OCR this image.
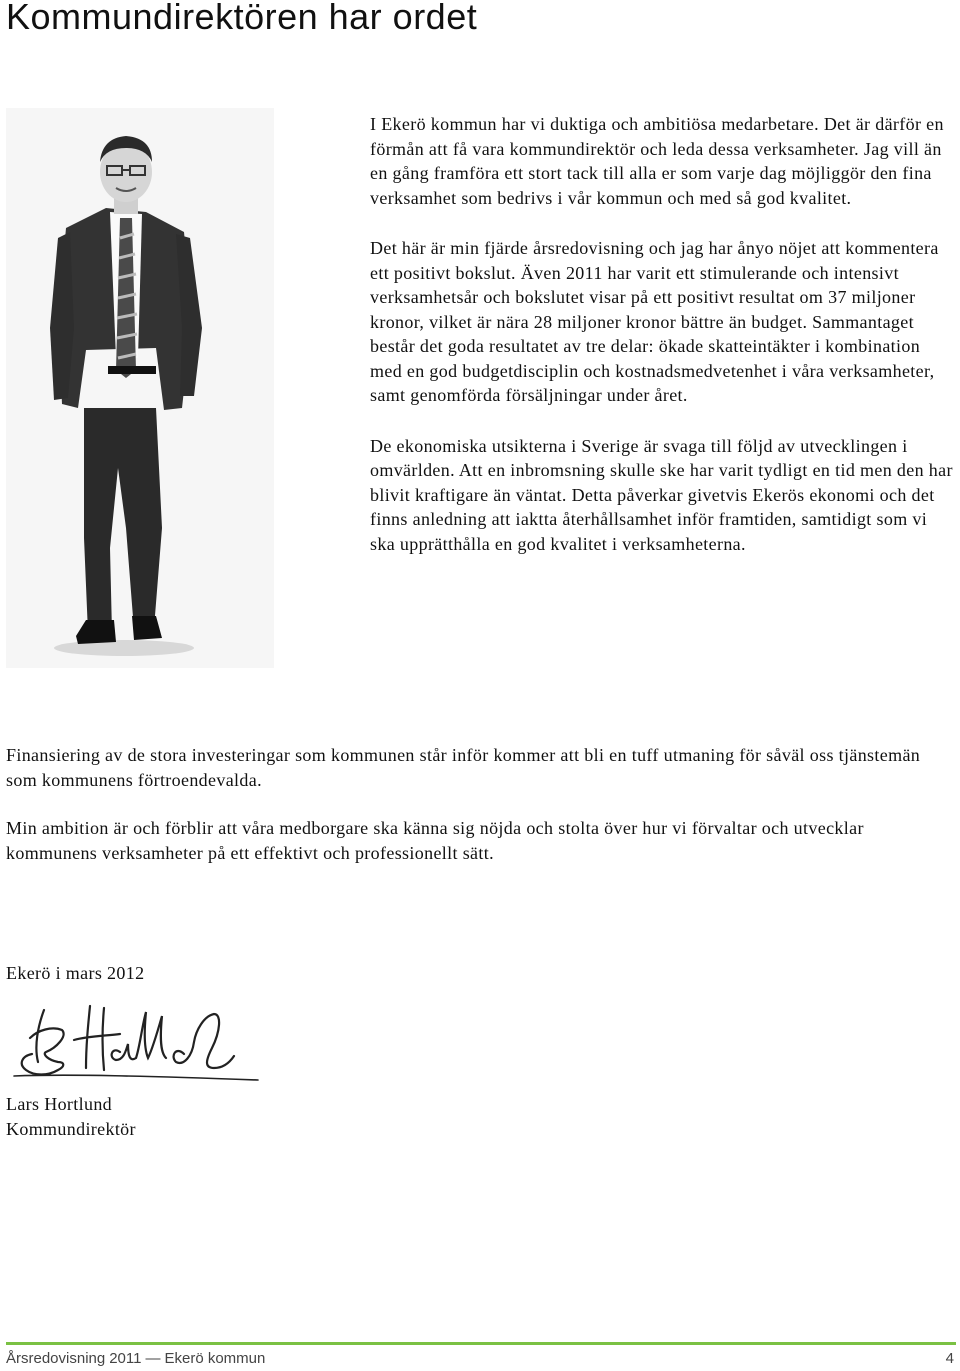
Kommundirektören har ordet

I Ekerö kommun har vi duktiga och ambitiösa medarbetare. Det är därför en förmån att få vara kommundirektör och leda dessa verksamheter. Jag vill än en gång framföra ett stort tack till alla er som varje dag möjliggör den fina verksamhet som bedrivs i vår kommun och med så god kvalitet.

Det här är min fjärde årsredovisning och jag har ånyo nöjet att kommentera ett positivt bokslut. Även 2011 har varit ett stimulerande och intensivt verksamhetsår och bokslutet visar på ett positivt resultat om 37 miljoner kronor, vilket är nära 28 miljoner kronor bättre än budget. Sammantaget består det goda resultatet av tre delar: ökade skatteintäkter i kombination med en god budgetdisciplin och kostnadsmedvetenhet i våra verksamheter, samt genomförda försäljningar under året.

De ekonomiska utsikterna i Sverige är svaga till följd av utvecklingen i omvärlden. Att en inbromsning skulle ske har varit tydligt en tid men den har blivit kraftigare än väntat. Detta påverkar givetvis Ekerös ekonomi och det finns anledning att iaktta återhållsamhet inför framtiden, samtidigt som vi ska upprätthålla en god kvalitet i verksamheterna.

Finansiering av de stora investeringar som kommunen står inför kommer att bli en tuff utmaning för såväl oss tjänstemän som kommunens förtroendevalda.

Min ambition är och förblir att våra medborgare ska känna sig nöjda och stolta över hur vi förvaltar och utvecklar kommunens verksamheter på ett effektivt och professionellt sätt.

Ekerö i mars 2012
Lars Hortlund
Kommundirektör
Årsredovisning 2011 — Ekerö kommun	4
